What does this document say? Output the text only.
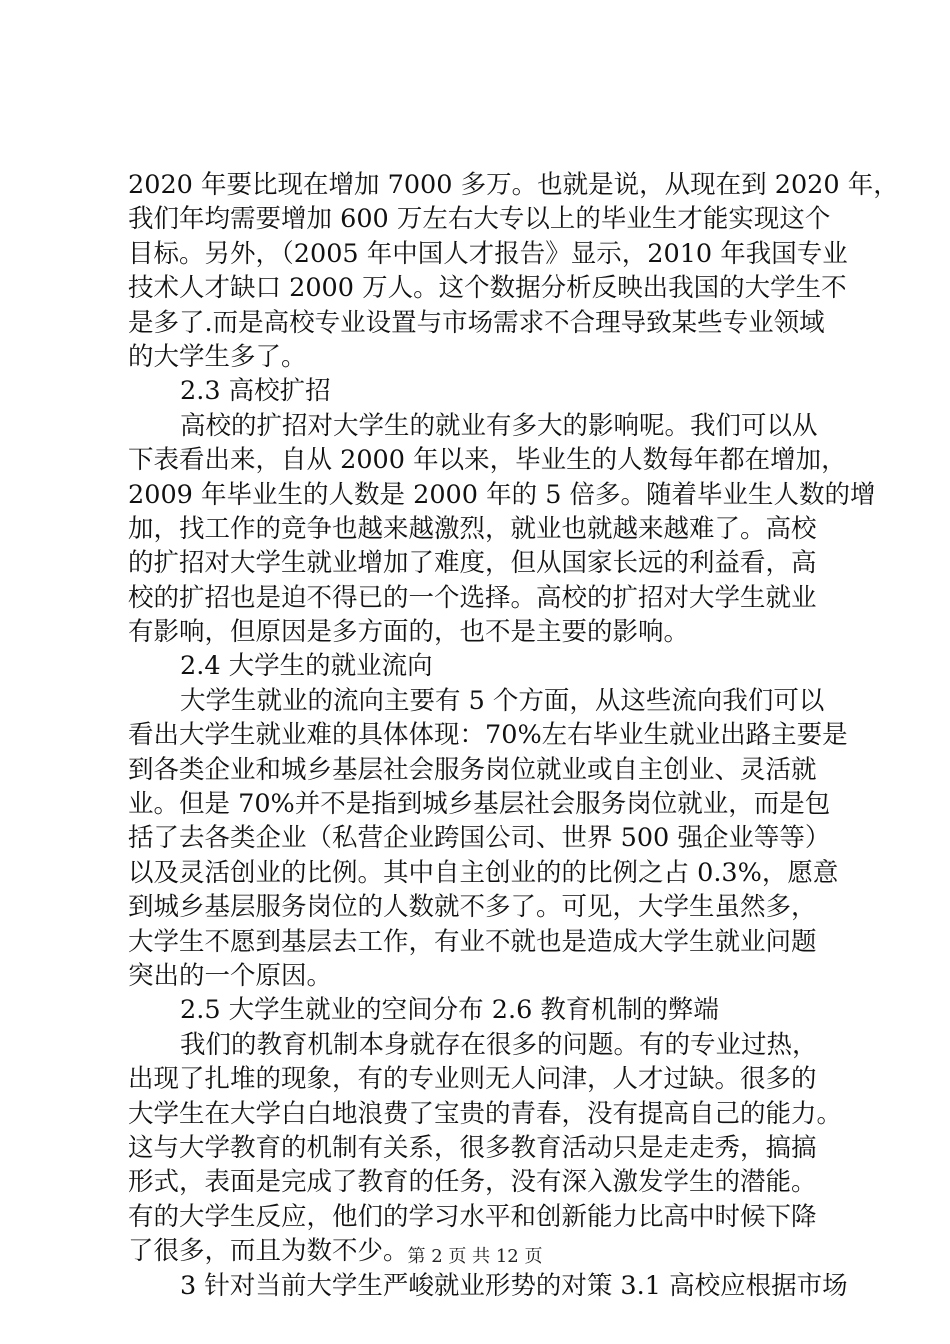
2020 年要比现在增加 7000 多万。也就是说，从现在到 2020 年，
我们年均需要增加 600 万左右大专以上的毕业生才能实现这个
目标。另外，（2005 年中国人才报告》显示，2010 年我国专业
技术人才缺口 2000 万人。这个数据分析反映出我国的大学生不
是多了.而是高校专业设置与市场需求不合理导致某些专业领域
的大学生多了。
2.3 高校扩招
高校的扩招对大学生的就业有多大的影响呢。我们可以从
下表看出来，自从 2000 年以来，毕业生的人数每年都在增加，
2009 年毕业生的人数是 2000 年的 5 倍多。随着毕业生人数的增
加，找工作的竞争也越来越激烈，就业也就越来越难了。高校
的扩招对大学生就业增加了难度，但从国家长远的利益看，高
校的扩招也是迫不得已的一个选择。高校的扩招对大学生就业
有影响，但原因是多方面的，也不是主要的影响。
2.4 大学生的就业流向
大学生就业的流向主要有 5 个方面，从这些流向我们可以
看出大学生就业难的具体体现：70%左右毕业生就业出路主要是
到各类企业和城乡基层社会服务岗位就业或自主创业、灵活就
业。但是 70%并不是指到城乡基层社会服务岗位就业，而是包
括了去各类企业（私营企业跨国公司、世界 500 强企业等等）
以及灵活创业的比例。其中自主创业的的比例之占 0.3%，愿意
到城乡基层服务岗位的人数就不多了。可见，大学生虽然多，
大学生不愿到基层去工作，有业不就也是造成大学生就业问题
突出的一个原因。
2.5 大学生就业的空间分布 2.6 教育机制的弊端
我们的教育机制本身就存在很多的问题。有的专业过热，
出现了扎堆的现象，有的专业则无人问津，人才过缺。很多的
大学生在大学白白地浪费了宝贵的青春，没有提高自己的能力。
这与大学教育的机制有关系，很多教育活动只是走走秀，搞搞
形式，表面是完成了教育的任务，没有深入激发学生的潜能。
有的大学生反应，他们的学习水平和创新能力比高中时候下降
了很多，而且为数不少。
3 针对当前大学生严峻就业形势的对策 3.1 高校应根据市场
第 2 页 共 12 页
